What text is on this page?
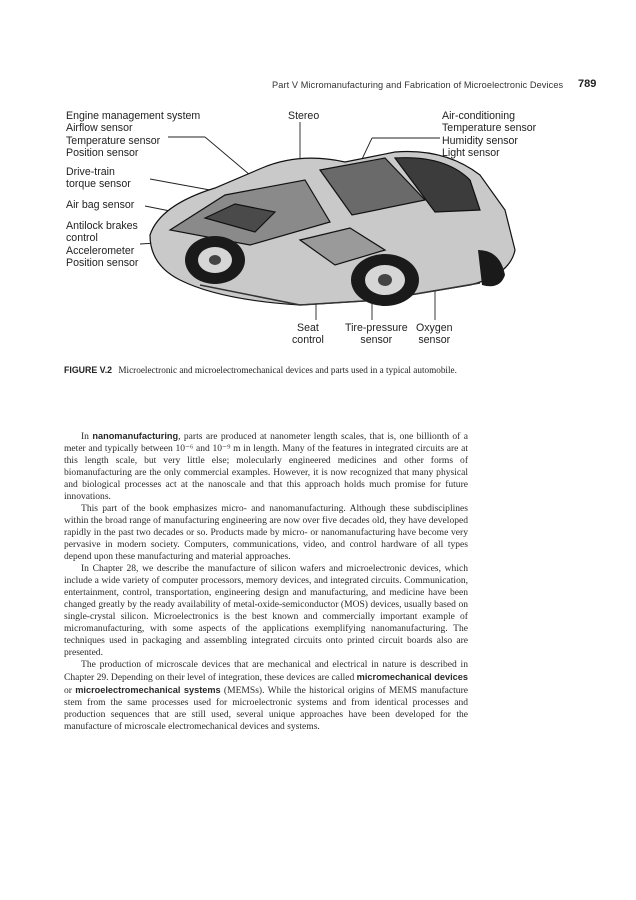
Part V Micromanufacturing and Fabrication of Microelectronic Devices 789
Engine management system
Airflow sensor
Temperature sensor
Position sensor
Drive-train
torque sensor
Air bag sensor
Antilock brakes
control
Accelerometer
Position sensor
Stereo	Air-conditioning
Temperature sensor
Humidity sensor
Light sensor
Seat
control
Tire-pressure
sensor
Oxygen
sensor
FIGURE V.2 Microelectronic and microelectromechanical devices and parts used in a typical automobile.

In nanomanufacturing, parts are produced at nanometer length scales, that is, one billionth of a meter and typically between 10⁻⁶ and 10⁻⁹ m in length. Many of the features in integrated circuits are at this length scale, but very little else; molecularly engineered medicines and other forms of biomanufacturing are the only commercial examples. However, it is now recognized that many physical and biological processes act at the nanoscale and that this approach holds much promise for future innovations.

This part of the book emphasizes micro- and nanomanufacturing. Although these subdisciplines within the broad range of manufacturing engineering are now over five decades old, they have developed rapidly in the past two decades or so. Products made by micro- or nanomanufacturing have become very pervasive in modern society. Computers, communications, video, and control hardware of all types depend upon these manufacturing and material approaches.

In Chapter 28, we describe the manufacture of silicon wafers and microelectronic devices, which include a wide variety of computer processors, memory devices, and integrated circuits. Communication, entertainment, control, transportation, engineering design and manufacturing, and medicine have been changed greatly by the ready availability of metal-oxide-semiconductor (MOS) devices, usually based on single-crystal silicon. Microelectronics is the best known and commercially important example of micromanufacturing, with some aspects of the applications exemplifying nanomanufacturing. The techniques used in packaging and assembling integrated circuits onto printed circuit boards also are presented.

The production of microscale devices that are mechanical and electrical in nature is described in Chapter 29. Depending on their level of integration, these devices are called micromechanical devices or microelectromechanical systems (MEMSs). While the historical origins of MEMS manufacture stem from the same processes used for microelectronic systems and from identical processes and production sequences that are still used, several unique approaches have been developed for the manufacture of microscale electromechanical devices and systems.
